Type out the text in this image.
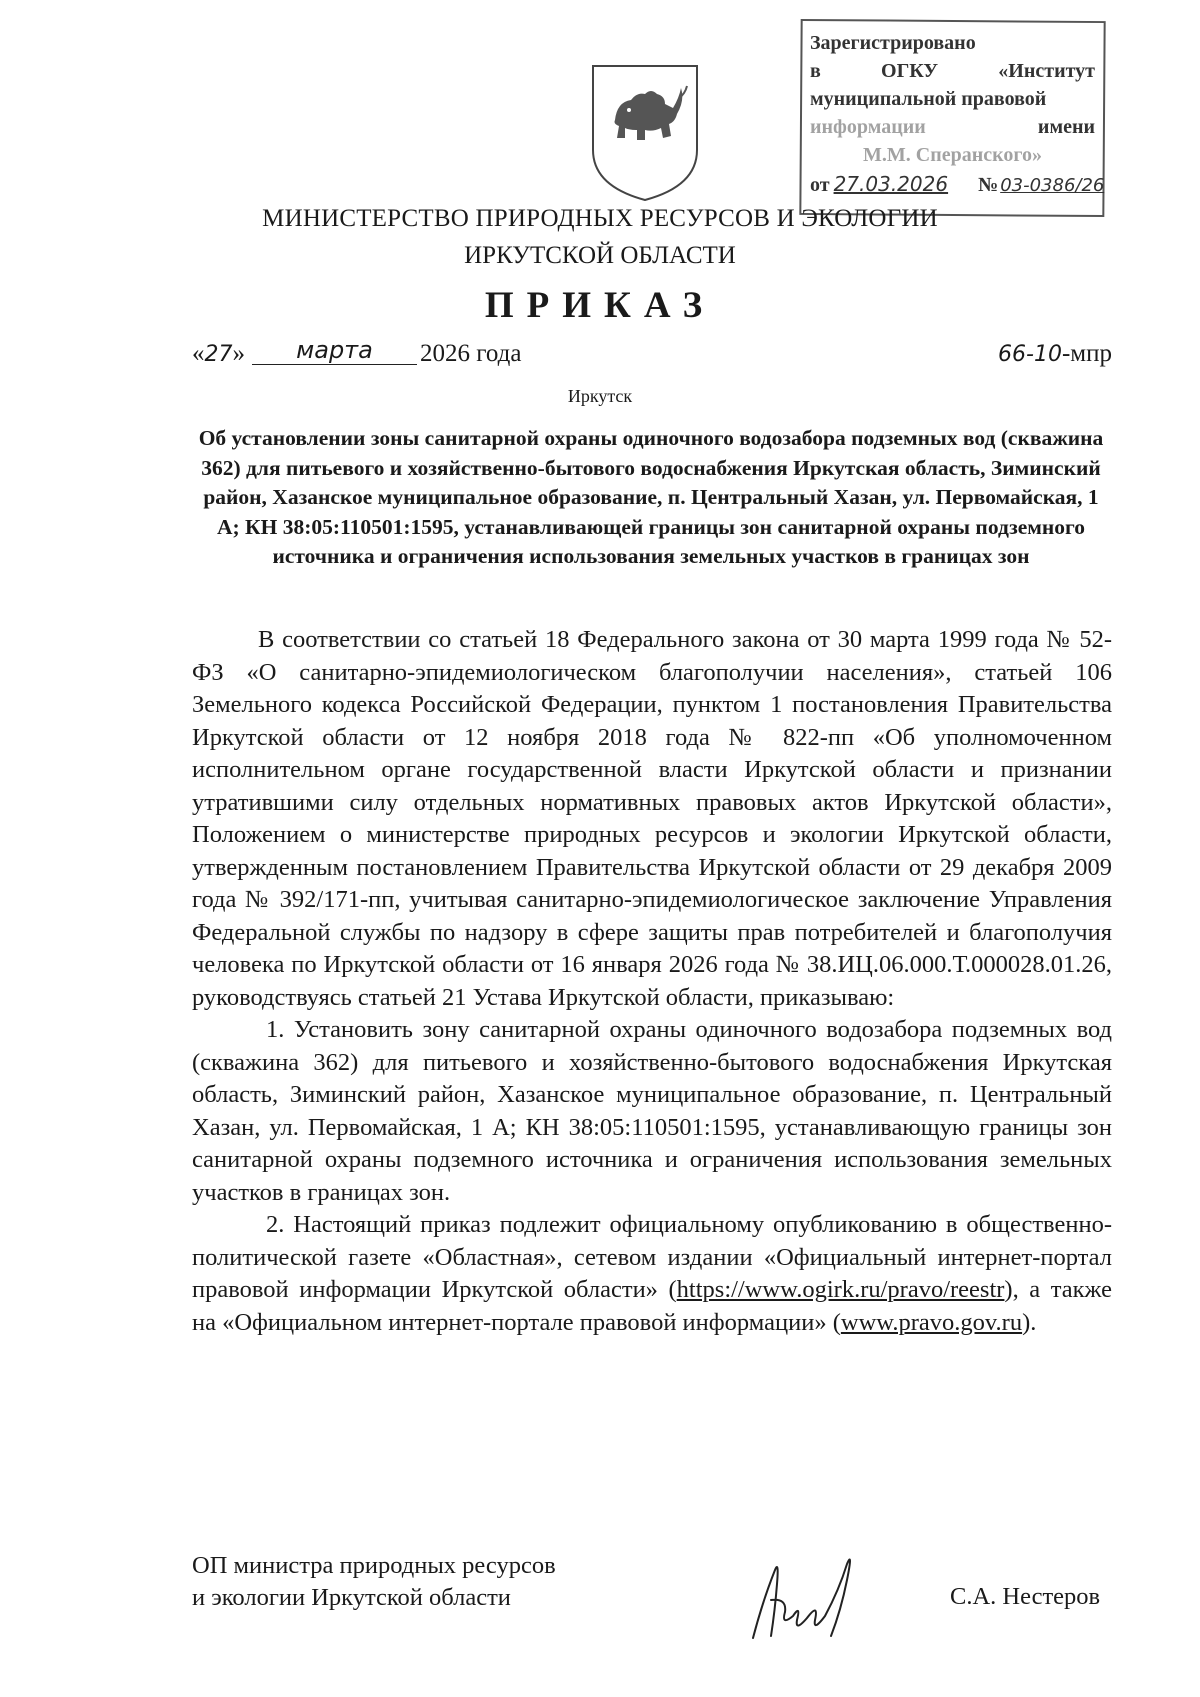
Зарегистрировано
в	ОГКУ	«Институт
муниципальной правовой
информации	имени
М.М. Сперанского»
от 27.03.2026 № 03-0386/26
МИНИСТЕРСТВО ПРИРОДНЫХ РЕСУРСОВ И ЭКОЛОГИИ
ИРКУТСКОЙ ОБЛАСТИ
ПРИКАЗ
«27»	марта	2026 года	66-10-мпр
Иркутск
Об установлении зоны санитарной охраны одиночного водозабора подземных вод (скважина 362) для питьевого и хозяйственно-бытового водоснабжения Иркутская область, Зиминский район, Хазанское муниципальное образование, п. Центральный Хазан, ул. Первомайская, 1 А; КН 38:05:110501:1595, устанавливающей границы зон санитарной охраны подземного источника и ограничения использования земельных участков в границах зон

В соответствии со статьей 18 Федерального закона от 30 марта 1999 года № 52-ФЗ «О санитарно-эпидемиологическом благополучии населения», статьей 106 Земельного кодекса Российской Федерации, пунктом 1 постановления Правительства Иркутской области от 12 ноября 2018 года № 822-пп «Об уполномоченном исполнительном органе государственной власти Иркутской области и признании утратившими силу отдельных нормативных правовых актов Иркутской области», Положением о министерстве природных ресурсов и экологии Иркутской области, утвержденным постановлением Правительства Иркутской области от 29 декабря 2009 года № 392/171-пп, учитывая санитарно-эпидемиологическое заключение Управления Федеральной службы по надзору в сфере защиты прав потребителей и благополучия человека по Иркутской области от 16 января 2026 года № 38.ИЦ.06.000.Т.000028.01.26, руководствуясь статьей 21 Устава Иркутской области, приказываю:

1. Установить зону санитарной охраны одиночного водозабора подземных вод (скважина 362) для питьевого и хозяйственно-бытового водоснабжения Иркутская область, Зиминский район, Хазанское муниципальное образование, п. Центральный Хазан, ул. Первомайская, 1 А; КН 38:05:110501:1595, устанавливающую границы зон санитарной охраны подземного источника и ограничения использования земельных участков в границах зон.

2. Настоящий приказ подлежит официальному опубликованию в общественно-политической газете «Областная», сетевом издании «Официальный интернет-портал правовой информации Иркутской области» (https://www.ogirk.ru/pravo/reestr), а также на «Официальном интернет-портале правовой информации» (www.pravo.gov.ru).

ОП министра природных ресурсов
и экологии Иркутской области	С.А. Нестеров
